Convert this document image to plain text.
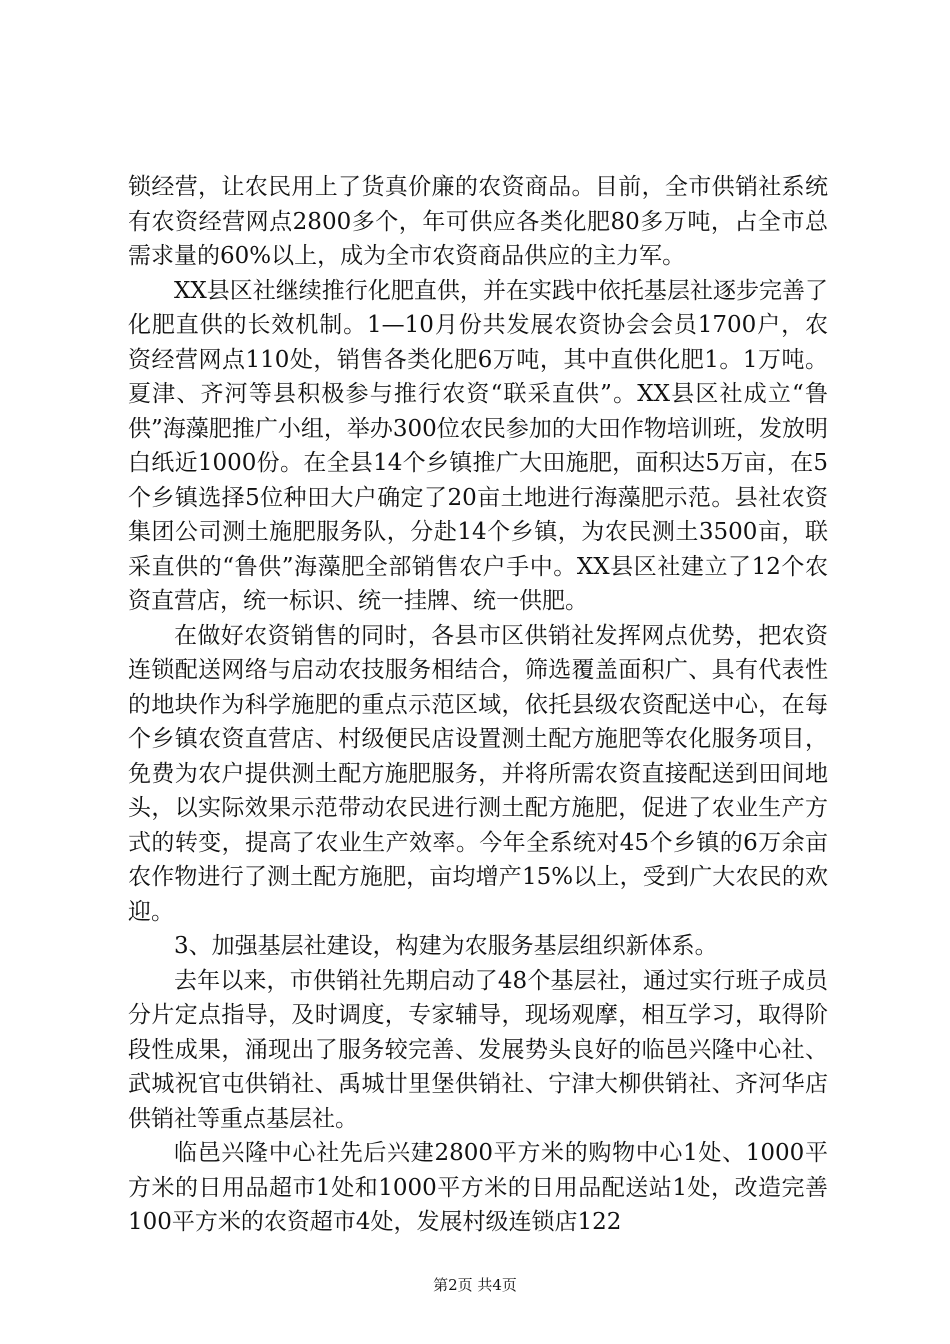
锁经营，让农民用上了货真价廉的农资商品。目前，全市供销社系统有农资经营网点2800多个，年可供应各类化肥80多万吨，占全市总需求量的60%以上，成为全市农资商品供应的主力军。

XX县区社继续推行化肥直供，并在实践中依托基层社逐步完善了化肥直供的长效机制。1—10月份共发展农资协会会员1700户，农资经营网点110处，销售各类化肥6万吨，其中直供化肥1。1万吨。夏津、齐河等县积极参与推行农资“联采直供”。XX县区社成立“鲁供”海藻肥推广小组，举办300位农民参加的大田作物培训班，发放明白纸近1000份。在全县14个乡镇推广大田施肥，面积达5万亩，在5个乡镇选择5位种田大户确定了20亩土地进行海藻肥示范。县社农资集团公司测土施肥服务队，分赴14个乡镇，为农民测土3500亩，联采直供的“鲁供”海藻肥全部销售农户手中。XX县区社建立了12个农资直营店，统一标识、统一挂牌、统一供肥。

在做好农资销售的同时，各县市区供销社发挥网点优势，把农资连锁配送网络与启动农技服务相结合，筛选覆盖面积广、具有代表性的地块作为科学施肥的重点示范区域，依托县级农资配送中心，在每个乡镇农资直营店、村级便民店设置测土配方施肥等农化服务项目，免费为农户提供测土配方施肥服务，并将所需农资直接配送到田间地头，以实际效果示范带动农民进行测土配方施肥，促进了农业生产方式的转变，提高了农业生产效率。今年全系统对45个乡镇的6万余亩农作物进行了测土配方施肥，亩均增产15%以上，受到广大农民的欢迎。

3、加强基层社建设，构建为农服务基层组织新体系。

去年以来，市供销社先期启动了48个基层社，通过实行班子成员分片定点指导，及时调度，专家辅导，现场观摩，相互学习，取得阶段性成果，涌现出了服务较完善、发展势头良好的临邑兴隆中心社、武城祝官屯供销社、禹城廿里堡供销社、宁津大柳供销社、齐河华店供销社等重点基层社。

临邑兴隆中心社先后兴建2800平方米的购物中心1处、1000平方米的日用品超市1处和1000平方米的日用品配送站1处，改造完善100平方米的农资超市4处，发展村级连锁店122

第2页 共4页
